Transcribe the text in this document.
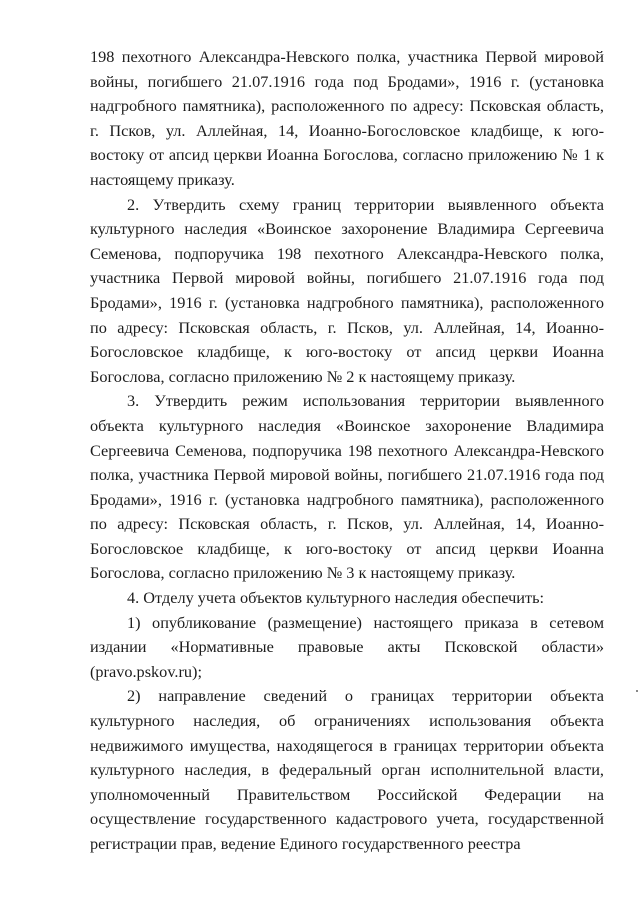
198 пехотного Александра-Невского полка, участника Первой мировой войны, погибшего 21.07.1916 года под Бродами», 1916 г. (установка надгробного памятника), расположенного по адресу: Псковская область, г. Псков, ул. Аллейная, 14, Иоанно-Богословское кладбище, к юго-востоку от апсид церкви Иоанна Богослова, согласно приложению № 1 к настоящему приказу.

2. Утвердить схему границ территории выявленного объекта культурного наследия «Воинское захоронение Владимира Сергеевича Семенова, подпоручика 198 пехотного Александра-Невского полка, участника Первой мировой войны, погибшего 21.07.1916 года под Бродами», 1916 г. (установка надгробного памятника), расположенного по адресу: Псковская область, г. Псков, ул. Аллейная, 14, Иоанно-Богословское кладбище, к юго-востоку от апсид церкви Иоанна Богослова, согласно приложению № 2 к настоящему приказу.

3. Утвердить режим использования территории выявленного объекта культурного наследия «Воинское захоронение Владимира Сергеевича Семенова, подпоручика 198 пехотного Александра-Невского полка, участника Первой мировой войны, погибшего 21.07.1916 года под Бродами», 1916 г. (установка надгробного памятника), расположенного по адресу: Псковская область, г. Псков, ул. Аллейная, 14, Иоанно-Богословское кладбище, к юго-востоку от апсид церкви Иоанна Богослова, согласно приложению № 3 к настоящему приказу.

4. Отделу учета объектов культурного наследия обеспечить:

1) опубликование (размещение) настоящего приказа в сетевом издании «Нормативные правовые акты Псковской области» (pravo.pskov.ru);

2) направление сведений о границах территории объекта культурного наследия, об ограничениях использования объекта недвижимого имущества, находящегося в границах территории объекта культурного наследия, в федеральный орган исполнительной власти, уполномоченный Правительством Российской Федерации на осуществление государственного кадастрового учета, государственной регистрации прав, ведение Единого государственного реестра
